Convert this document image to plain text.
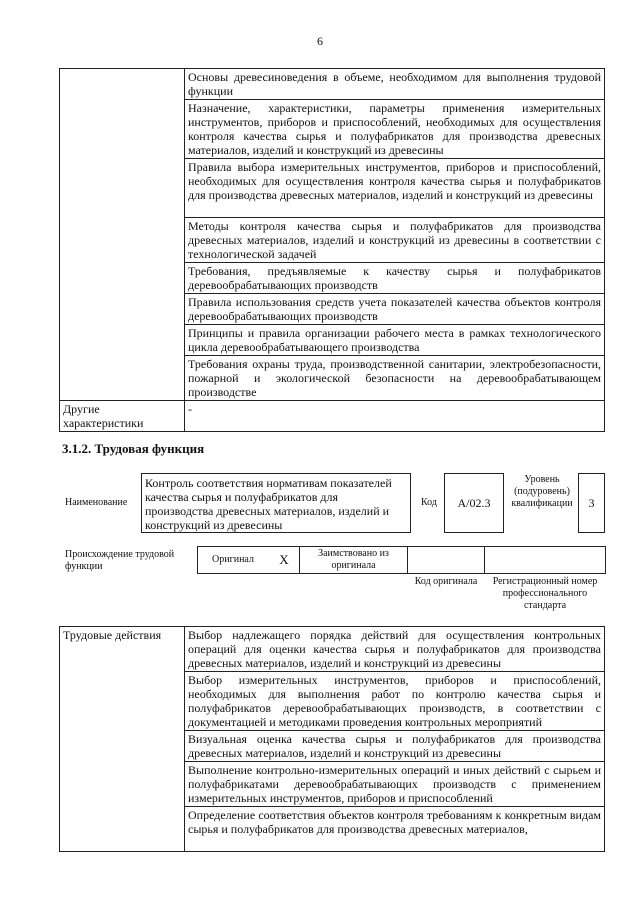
6
	Основы древесиноведения в объеме, необходимом для выполнения трудовой функции
	Назначение, характеристики, параметры применения измерительных инструментов, приборов и приспособлений, необходимых для осуществления контроля качества сырья и полуфабрикатов для производства древесных материалов, изделий и конструкций из древесины
	Правила выбора измерительных инструментов, приборов и приспособлений, необходимых для осуществления контроля качества сырья и полуфабрикатов для производства древесных материалов, изделий и конструкций из древесины
	Методы контроля качества сырья и полуфабрикатов для производства древесных материалов, изделий и конструкций из древесины в соответствии с технологической задачей
	Требования, предъявляемые к качеству сырья и полуфабрикатов деревообрабатывающих производств
	Правила использования средств учета показателей качества объектов контроля деревообрабатывающих производств
	Принципы и правила организации рабочего места в рамках технологического цикла деревообрабатывающего производства
	Требования охраны труда, производственной санитарии, электробезопасности, пожарной и экологической безопасности на деревообрабатывающем производстве
Другие характеристики	-
3.1.2. Трудовая функция
Наименование
Контроль соответствия нормативам показателей качества сырья и полуфабрикатов для производства древесных материалов, изделий и конструкций из древесины
Код A/02.3
Уровень (подуровень) квалификации 3
Происхождение трудовой функции
Оригинал	X	Заимствовано из оригинала
Код оригинала	Регистрационный номер профессионального стандарта
Трудовые действия	Выбор надлежащего порядка действий для осуществления контрольных операций для оценки качества сырья и полуфабрикатов для производства древесных материалов, изделий и конструкций из древесины
Выбор измерительных инструментов, приборов и приспособлений, необходимых для выполнения работ по контролю качества сырья и полуфабрикатов деревообрабатывающих производств, в соответствии с документацией и методиками проведения контрольных мероприятий
Визуальная оценка качества сырья и полуфабрикатов для производства древесных материалов, изделий и конструкций из древесины
Выполнение контрольно-измерительных операций и иных действий с сырьем и полуфабрикатами деревообрабатывающих производств с применением измерительных инструментов, приборов и приспособлений
Определение соответствия объектов контроля требованиям к конкретным видам сырья и полуфабрикатов для производства древесных материалов,
